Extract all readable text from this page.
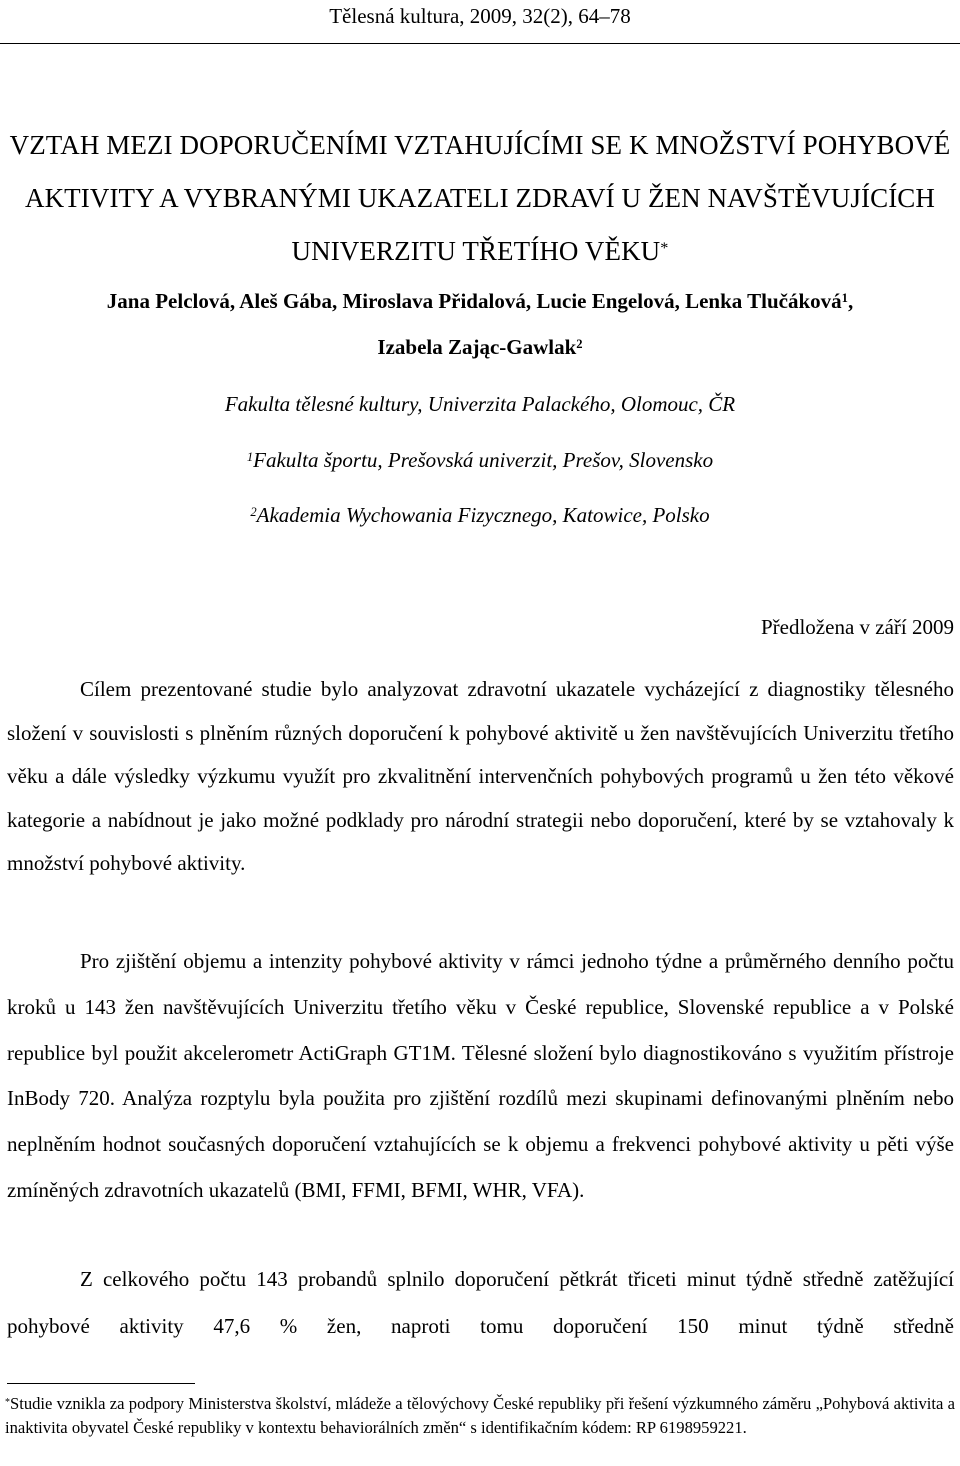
Tělesná kultura, 2009, 32(2), 64–78
VZTAH MEZI DOPORUČENÍMI VZTAHUJÍCÍMI SE K MNOŽSTVÍ POHYBOVÉ AKTIVITY A VYBRANÝMI UKAZATELI ZDRAVÍ U ŽEN NAVŠTĚVUJÍCÍCH UNIVERZITU TŘETÍHO VĚKU*
Jana Pelclová, Aleš Gába, Miroslava Přidalová, Lucie Engelová, Lenka Tlučáková$^1$,
Izabela Zając-Gawlak$^2$
Fakulta tělesné kultury, Univerzita Palackého, Olomouc, ČR
$^1$Fakulta športu, Prešovská univerzit, Prešov, Slovensko
$^2$Akademia Wychowania Fizycznego, Katowice, Polsko
Předložena v září 2009

Cílem prezentované studie bylo analyzovat zdravotní ukazatele vycházející z diagnostiky tělesného složení v souvislosti s plněním různých doporučení k pohybové aktivitě u žen navštěvujících Univerzitu třetího věku a dále výsledky výzkumu využít pro zkvalitnění intervenčních pohybových programů u žen této věkové kategorie a nabídnout je jako možné podklady pro národní strategii nebo doporučení, které by se vztahovaly k množství pohybové aktivity.

Pro zjištění objemu a intenzity pohybové aktivity v rámci jednoho týdne a průměrného denního počtu kroků u 143 žen navštěvujících Univerzitu třetího věku v České republice, Slovenské republice a v Polské republice byl použit akcelerometr ActiGraph GT1M. Tělesné složení bylo diagnostikováno s využitím přístroje InBody 720. Analýza rozptylu byla použita pro zjištění rozdílů mezi skupinami definovanými plněním nebo neplněním hodnot současných doporučení vztahujících se k objemu a frekvenci pohybové aktivity u pěti výše zmíněných zdravotních ukazatelů (BMI, FFMI, BFMI, WHR, VFA).

Z celkového počtu 143 probandů splnilo doporučení pětkrát třiceti minut týdně středně zatěžující pohybové aktivity 47,6 % žen, naproti tomu doporučení 150 minut týdně středně

*Studie vznikla za podpory Ministerstva školství, mládeže a tělovýchovy České republiky při řešení výzkumného záměru „Pohybová aktivita a inaktivita obyvatel České republiky v kontextu behaviorálních změn“ s identifikačním kódem: RP 6198959221.
